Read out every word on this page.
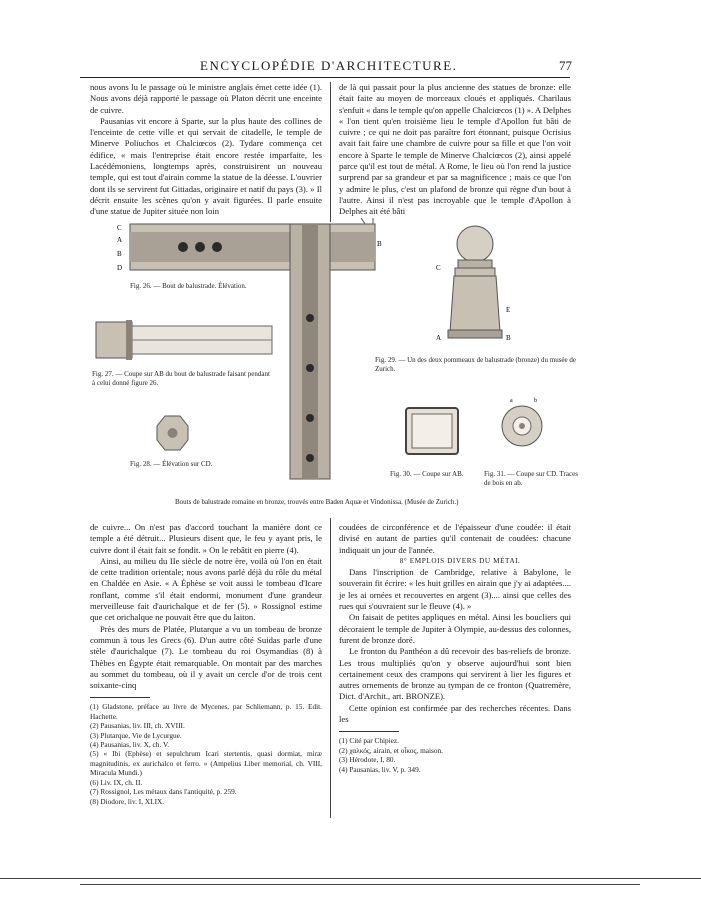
ENCYCLOPÉDIE D'ARCHITECTURE.	77

nous avons lu le passage où le ministre anglais émet cette idée (1). Nous avons déjà rapporté le passage où Platon décrit une enceinte de cuivre.

Pausanias vit encore à Sparte, sur la plus haute des collines de l'enceinte de cette ville et qui servait de citadelle, le temple de Minerve Poliuchos et Chalciœcos (2). Tydare commença cet édifice, « mais l'entreprise était encore restée imparfaite, les Lacédémoniens, longtemps après, construisirent un nouveau temple, qui est tout d'airain comme la statue de la déesse. L'ouvrier dont ils se servirent fut Gitiadas, originaire et natif du pays (3). » Il décrit ensuite les scènes qu'on y avait figurées. Il parle ensuite d'une statue de Jupiter située non loin

de là qui passait pour la plus ancienne des statues de bronze: elle était faite au moyen de morceaux cloués et appliqués. Charilaus s'enfuit « dans le temple qu'on appelle Chalciœcos (1) ». A Delphes « l'on tient qu'en troisième lieu le temple d'Apollon fut bâti de cuivre ; ce qui ne doit pas paraître fort étonnant, puisque Ocrisius avait fait faire une chambre de cuivre pour sa fille et que l'on voit encore à Sparte le temple de Minerve Chalciœcos (2), ainsi appelé parce qu'il est tout de métal. A Rome, le lieu où l'on rend la justice surprend par sa grandeur et par sa magnificence ; mais ce que l'on y admire le plus, c'est un plafond de bronze qui règne d'un bout à l'autre. Ainsi il n'est pas incroyable que le temple d'Apollon à Delphes ait été bâti

C
A
B
D
B
C
A	B
E
a	b
Fig. 26. — Bout de balustrade. Élévation.
Fig. 27. — Coupe sur AB du bout de balustrade faisant pendant à celui donné figure 26.
Fig. 28. — Élévation sur CD.
Fig. 29. — Un des deux pommeaux de balustrade (bronze) du musée de Zurich.
Fig. 30. — Coupe sur AB.	Fig. 31. — Coupe sur CD. Traces de bois en ab.
Bouts de balustrade romaine en bronze, trouvés entre Baden Aquæ et Vindonissa. (Musée de Zurich.)

de cuivre... On n'est pas d'accord touchant la manière dont ce temple a été détruit... Plusieurs disent que, le feu y ayant pris, le cuivre dont il était fait se fondit. » On le rebâtit en pierre (4).

Ainsi, au milieu du IIe siècle de notre ère, voilà où l'on en était de cette tradition orientale; nous avons parlé déjà du rôle du métal en Chaldée en Asie. « A Éphèse se voit aussi le tombeau d'Icare ronflant, comme s'il était endormi, monument d'une grandeur merveilleuse fait d'aurichalque et de fer (5). » Rossignol estime que cet orichalque ne pouvait être que du laiton.

Près des murs de Platée, Plutarque a vu un tombeau de bronze commun à tous les Grecs (6). D'un autre côté Suidas parle d'une stèle d'aurichalque (7). Le tombeau du roi Osymandias (8) à Thèbes en Égypte était remarquable. On montait par des marches au sommet du tombeau, où il y avait un cercle d'or de trois cent soixante-cinq

(1) Gladstone, préface au livre de Mycenes, par Schliemann, p. 15. Edit. Hachette.
(2) Pausanias, liv. III, ch. XVIII.
(3) Plutarque, Vie de Lycurgue.
(4) Pausanias, liv. X, ch. V.
(5) « Ibi (Ephèse) et sepulchrum Icari stertentis, quasi dormiat, miræ magnitudinis, ex aurichalco et ferro. » (Ampelius Liber memorial, ch. VIII, Miracula Mundi.)
(6) Liv. IX, ch. II.
(7) Rossignol, Les métaux dans l'antiquité, p. 259.
(8) Diodore, liv. I, XLIX.

coudées de circonférence et de l'épaisseur d'une coudée: il était divisé en autant de parties qu'il contenait de coudées: chacune indiquait un jour de l'année.

8° EMPLOIS DIVERS DU MÉTAL

Dans l'inscription de Cambridge, relative à Babylone, le souverain fit écrire: « les huit grilles en airain que j'y ai adaptées.... je les ai ornées et recouvertes en argent (3).... ainsi que celles des rues qui s'ouvraient sur le fleuve (4). »

On faisait de petites appliques en métal. Ainsi les boucliers qui décoraient le temple de Jupiter à Olympie, au-dessus des colonnes, furent de bronze doré.

Le fronton du Panthéon a dû recevoir des bas-reliefs de bronze. Les trous multipliés qu'on y observe aujourd'hui sont bien certainement ceux des crampons qui servirent à lier les figures et autres ornements de bronze au tympan de ce fronton (Quatremère, Dict. d'Archit., art. BRONZE).

Cette opinion est confirmée par des recherches récentes. Dans les

(1) Cité par Chipiez.
(2) χαλκός, airain, et οἶκος, maison.
(3) Hérodote, I, 80.
(4) Pausanias, liv. V, p. 349.
